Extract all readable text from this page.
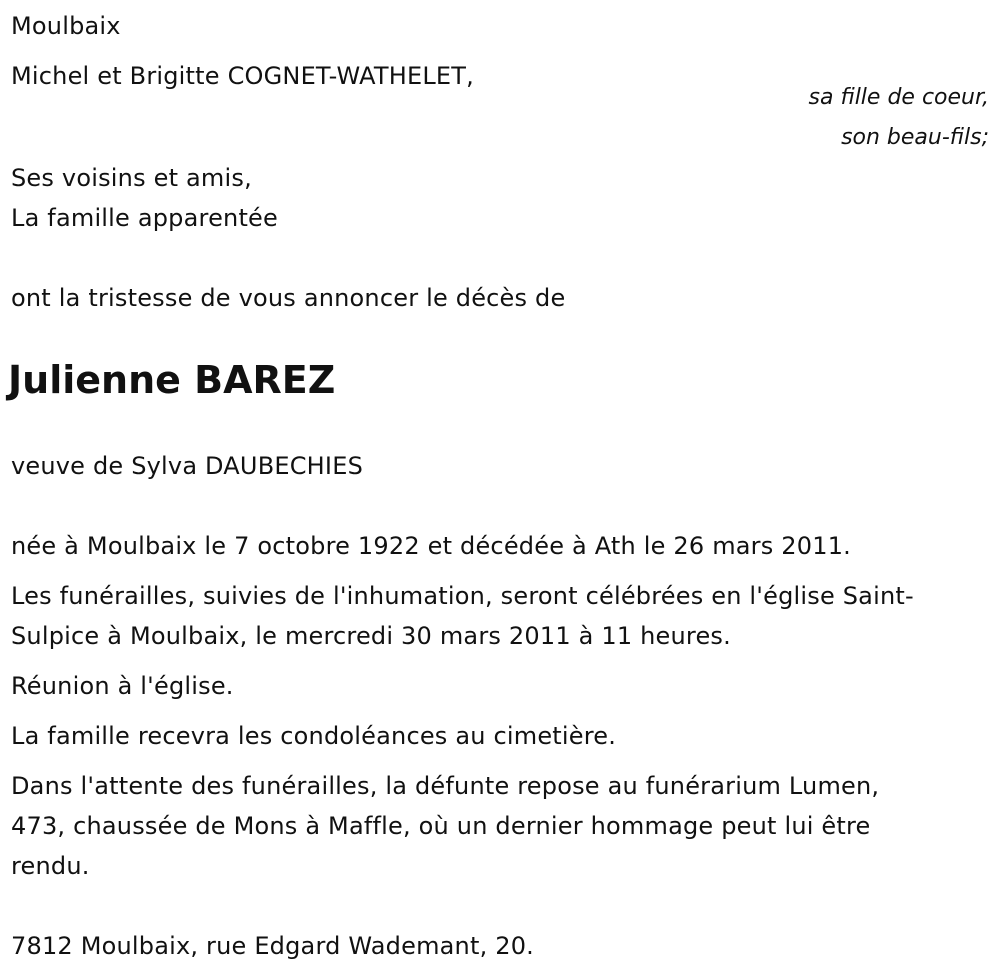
Moulbaix
Michel et Brigitte COGNET-WATHELET,
sa fille de coeur,
son beau-fils;
Ses voisins et amis,
La famille apparentée
ont la tristesse de vous annoncer le décès de
Julienne BAREZ
veuve de Sylva DAUBECHIES
née à Moulbaix le 7 octobre 1922 et décédée à Ath le 26 mars 2011.
Les funérailles, suivies de l'inhumation, seront célébrées en l'église Saint-
Sulpice à Moulbaix, le mercredi 30 mars 2011 à 11 heures.
Réunion à l'église.
La famille recevra les condoléances au cimetière.
Dans l'attente des funérailles, la défunte repose au funérarium Lumen,
473, chaussée de Mons à Maffle, où un dernier hommage peut lui être
rendu.
7812 Moulbaix, rue Edgard Wademant, 20.
